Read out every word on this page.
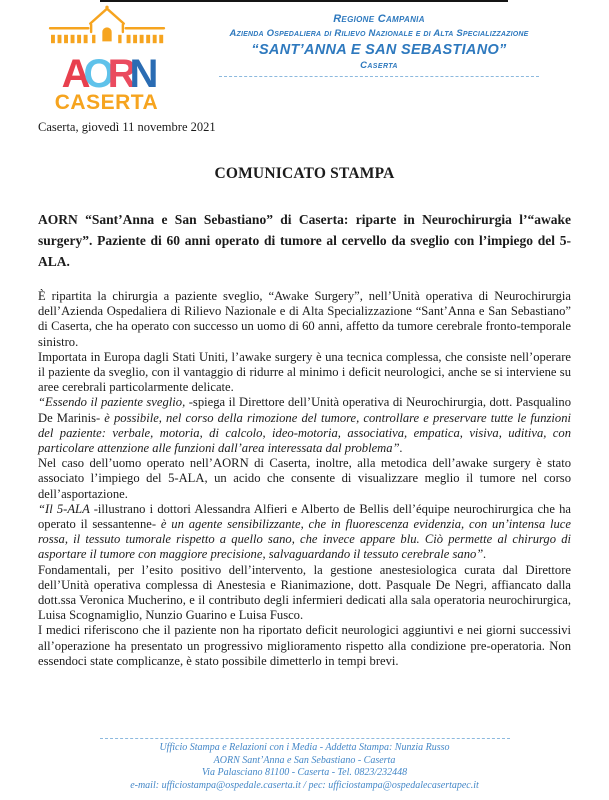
AORN
CASERTA
Regione Campania
Azienda Ospedaliera di Rilievo Nazionale e di Alta Specializzazione
“SANT’ANNA E SAN SEBASTIANO”
Caserta
Caserta, giovedì 11 novembre 2021
COMUNICATO STAMPA

AORN “Sant’Anna e San Sebastiano” di Caserta: riparte in Neurochirurgia l’“awake surgery”. Paziente di 60 anni operato di tumore al cervello da sveglio con l’impiego del 5-ALA.

È ripartita la chirurgia a paziente sveglio, “Awake Surgery”, nell’Unità operativa di Neurochirurgia dell’Azienda Ospedaliera di Rilievo Nazionale e di Alta Specializzazione “Sant’Anna e San Sebastiano” di Caserta, che ha operato con successo un uomo di 60 anni, affetto da tumore cerebrale fronto-temporale sinistro.

Importata in Europa dagli Stati Uniti, l’awake surgery è una tecnica complessa, che consiste nell’operare il paziente da sveglio, con il vantaggio di ridurre al minimo i deficit neurologici, anche se si interviene su aree cerebrali particolarmente delicate.

“Essendo il paziente sveglio, -spiega il Direttore dell’Unità operativa di Neurochirurgia, dott. Pasqualino De Marinis- è possibile, nel corso della rimozione del tumore, controllare e preservare tutte le funzioni del paziente: verbale, motoria, di calcolo, ideo-motoria, associativa, empatica, visiva, uditiva, con particolare attenzione alle funzioni dall’area interessata dal problema”.

Nel caso dell’uomo operato nell’AORN di Caserta, inoltre, alla metodica dell’awake surgery è stato associato l’impiego del 5-ALA, un acido che consente di visualizzare meglio il tumore nel corso dell’asportazione.

“Il 5-ALA -illustrano i dottori Alessandra Alfieri e Alberto de Bellis dell’équipe neurochirurgica che ha operato il sessantenne- è un agente sensibilizzante, che in fluorescenza evidenzia, con un’intensa luce rossa, il tessuto tumorale rispetto a quello sano, che invece appare blu. Ciò permette al chirurgo di asportare il tumore con maggiore precisione, salvaguardando il tessuto cerebrale sano”.

Fondamentali, per l’esito positivo dell’intervento, la gestione anestesiologica curata dal Direttore dell’Unità operativa complessa di Anestesia e Rianimazione, dott. Pasquale De Negri, affiancato dalla dott.ssa Veronica Mucherino, e il contributo degli infermieri dedicati alla sala operatoria neurochirurgica, Luisa Scognamiglio, Nunzio Guarino e Luisa Fusco.

I medici riferiscono che il paziente non ha riportato deficit neurologici aggiuntivi e nei giorni successivi all’operazione ha presentato un progressivo miglioramento rispetto alla condizione pre-operatoria. Non essendoci state complicanze, è stato possibile dimetterlo in tempi brevi.

Ufficio Stampa e Relazioni con i Media - Addetta Stampa: Nunzia Russo
AORN Sant’Anna e San Sebastiano - Caserta
Via Palasciano 81100 - Caserta - Tel. 0823/232448
e-mail: ufficiostampa@ospedale.caserta.it / pec: ufficiostampa@ospedalecasertapec.it
